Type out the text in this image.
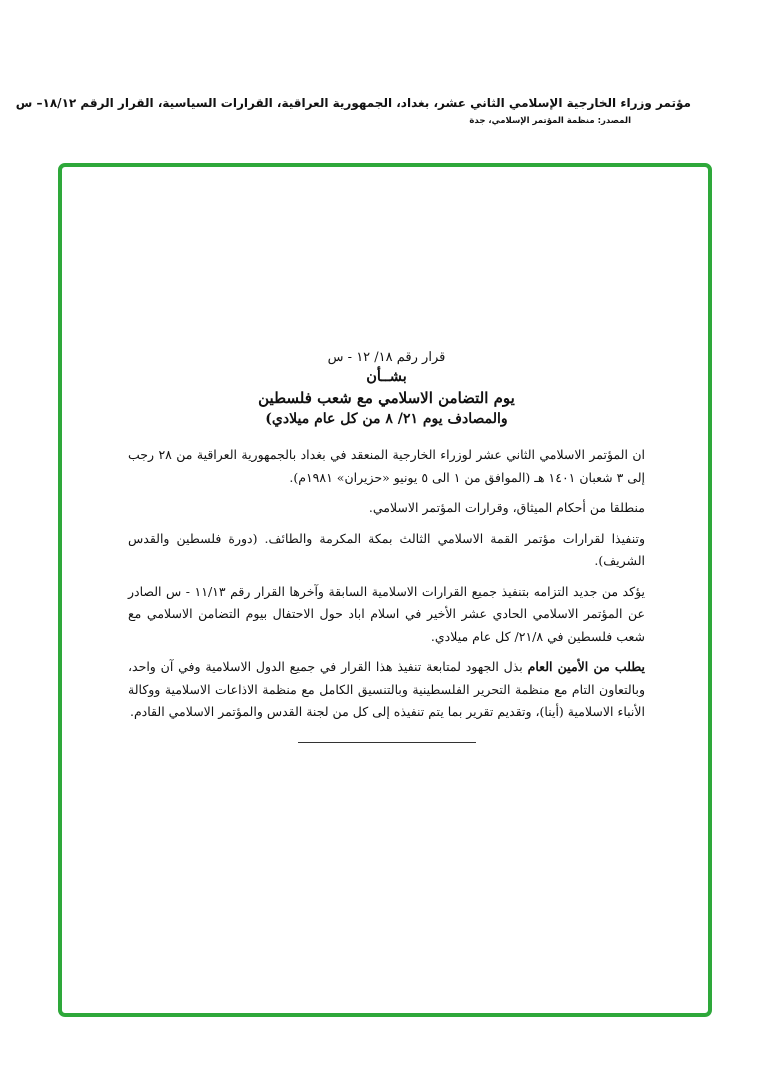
مؤتمر وزراء الخارجية الإسلامي الثاني عشر، بغداد، الجمهورية العراقية، القرارات السياسية، القرار الرقم ١٨/١٢– س
المصدر: منظمة المؤتمر الإسلامي، جدة
قرار رقم ١٨/ ١٢ - س
بشــأن
يوم التضامن الاسلامي مع شعب فلسطين
والمصادف يوم ٢١/ ٨ من كل عام ميلادي)

ان المؤتمر الاسلامي الثاني عشر لوزراء الخارجية المنعقد في بغداد بالجمهورية العراقية من ٢٨ رجب إلى ٣ شعبان ١٤٠١ هـ (الموافق من ١ الى ٥ يونيو «حزيران» ١٩٨١م).

منطلقا من أحكام الميثاق، وقرارات المؤتمر الاسلامي.

وتنفيذا لقرارات مؤتمر القمة الاسلامي الثالث بمكة المكرمة والطائف. (دورة فلسطين والقدس الشريف).

يؤكد من جديد التزامه بتنفيذ جميع القرارات الاسلامية السابقة وآخرها القرار رقم ١١/١٣ - س الصادر عن المؤتمر الاسلامي الحادي عشر الأخير في اسلام اباد حول الاحتفال بيوم التضامن الاسلامي مع شعب فلسطين في ٢١/٨/ كل عام ميلادي.

يطلب من الأمين العام بذل الجهود لمتابعة تنفيذ هذا القرار في جميع الدول الاسلامية وفي آن واحد، وبالتعاون التام مع منظمة التحرير الفلسطينية وبالتنسيق الكامل مع منظمة الاذاعات الاسلامية ووكالة الأنباء الاسلامية (أينا)، وتقديم تقرير بما يتم تنفيذه إلى كل من لجنة القدس والمؤتمر الاسلامي القادم.
